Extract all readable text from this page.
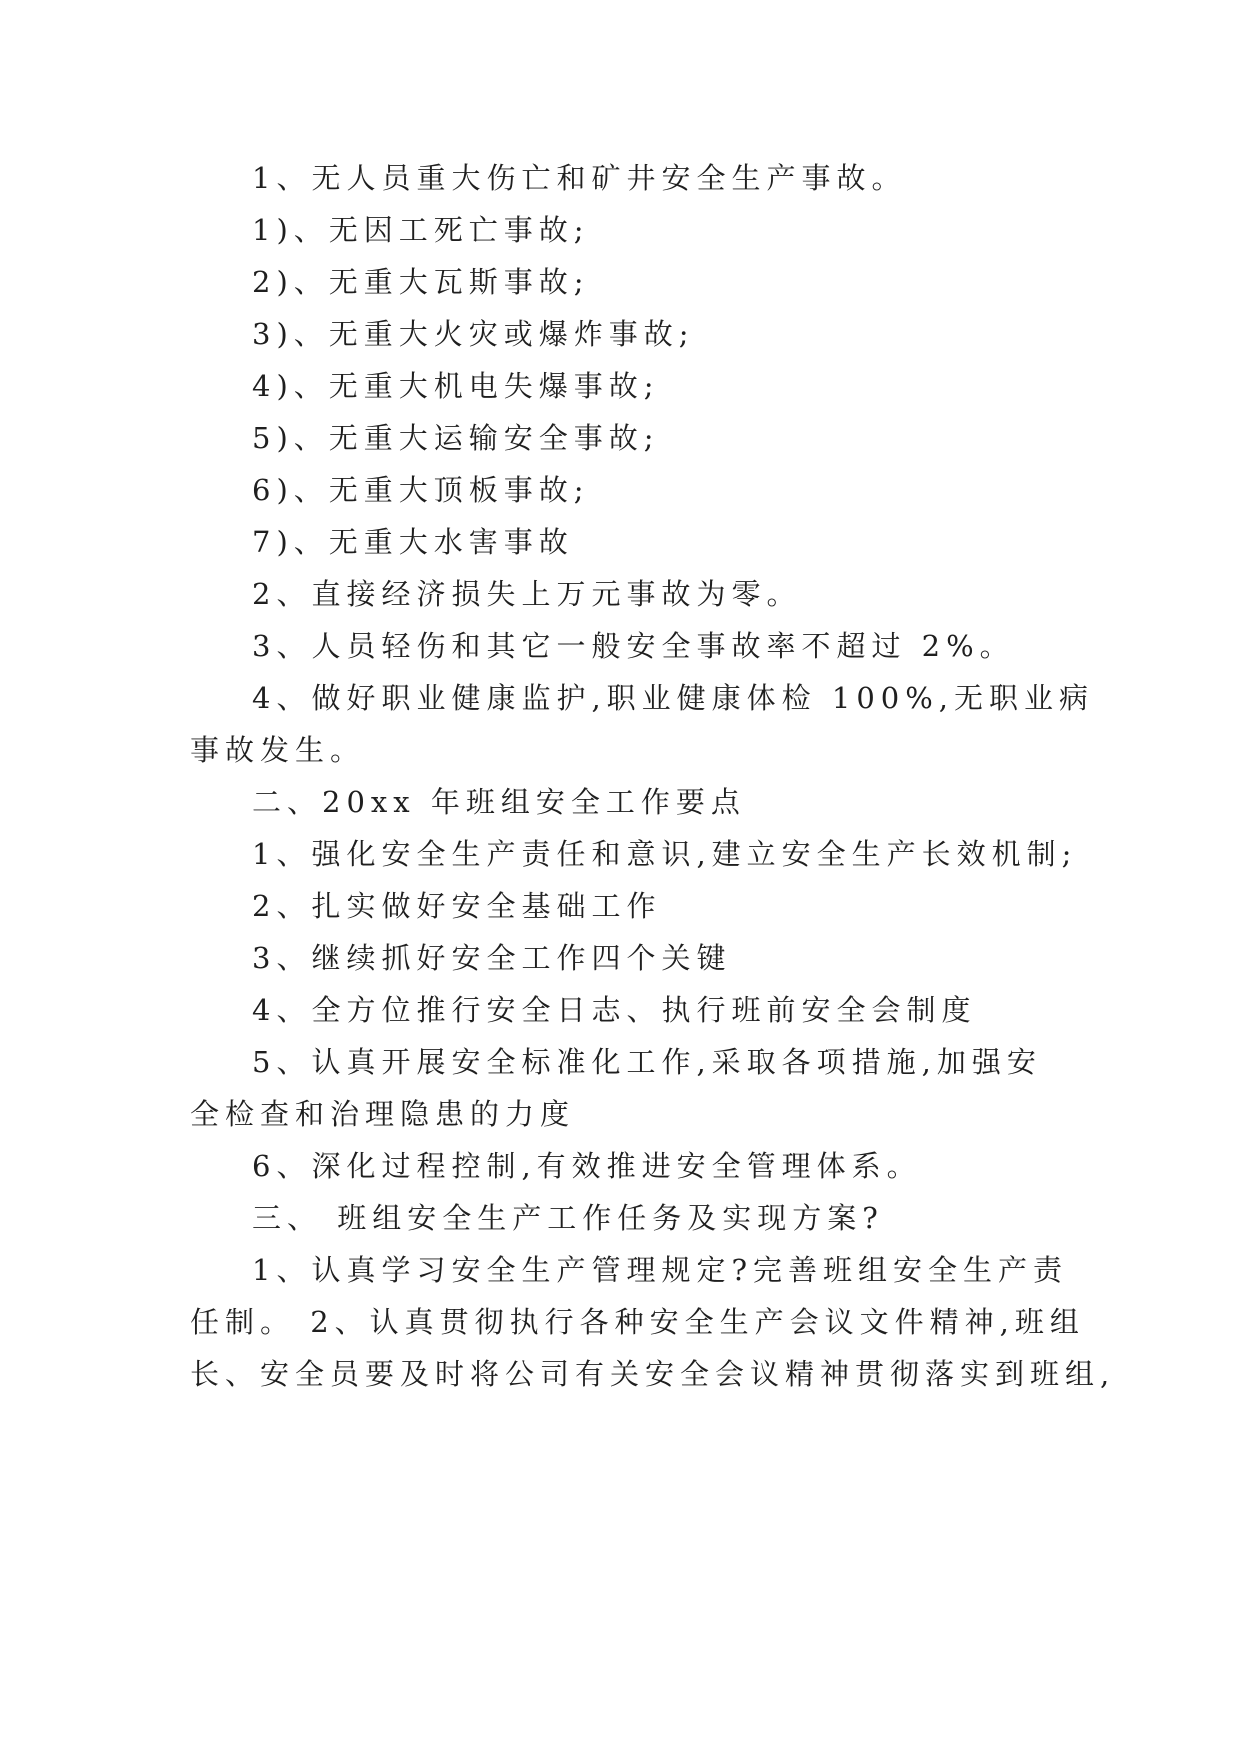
1、无人员重大伤亡和矿井安全生产事故。
1)、无因工死亡事故;
2)、无重大瓦斯事故;
3)、无重大火灾或爆炸事故;
4)、无重大机电失爆事故;
5)、无重大运输安全事故;
6)、无重大顶板事故;
7)、无重大水害事故
2、直接经济损失上万元事故为零。
3、人员轻伤和其它一般安全事故率不超过 2%。
4、做好职业健康监护,职业健康体检 100%,无职业病
事故发生。
二、20xx 年班组安全工作要点
1、强化安全生产责任和意识,建立安全生产长效机制;
2、扎实做好安全基础工作
3、继续抓好安全工作四个关键
4、全方位推行安全日志、执行班前安全会制度
5、认真开展安全标准化工作,采取各项措施,加强安
全检查和治理隐患的力度
6、深化过程控制,有效推进安全管理体系。
三、 班组安全生产工作任务及实现方案?
1、认真学习安全生产管理规定?完善班组安全生产责
任制。 2、认真贯彻执行各种安全生产会议文件精神,班组
长、安全员要及时将公司有关安全会议精神贯彻落实到班组,
